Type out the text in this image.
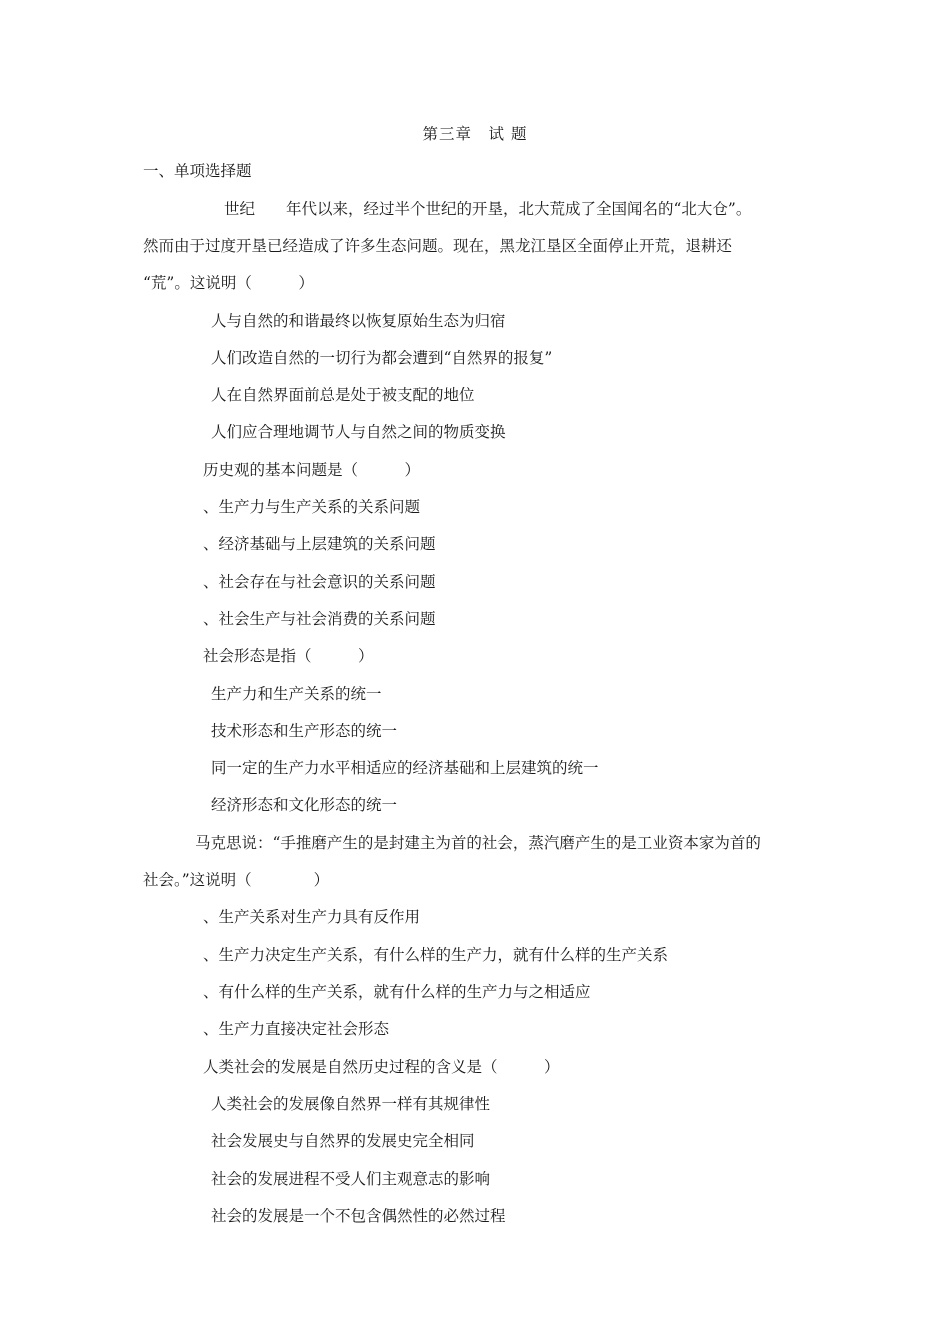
第三章　试 题
一、单项选择题
世纪　　年代以来，经过半个世纪的开垦，北大荒成了全国闻名的“北大仓”。
然而由于过度开垦已经造成了许多生态问题。现在，黑龙江垦区全面停止开荒，退耕还
“荒”。这说明（　　　）
人与自然的和谐最终以恢复原始生态为归宿
人们改造自然的一切行为都会遭到“自然界的报复”
人在自然界面前总是处于被支配的地位
人们应合理地调节人与自然之间的物质变换
历史观的基本问题是（　　　）
、生产力与生产关系的关系问题
、经济基础与上层建筑的关系问题
、社会存在与社会意识的关系问题
、社会生产与社会消费的关系问题
社会形态是指（　　　）
生产力和生产关系的统一
技术形态和生产形态的统一
同一定的生产力水平相适应的经济基础和上层建筑的统一
经济形态和文化形态的统一
马克思说：“手推磨产生的是封建主为首的社会，蒸汽磨产生的是工业资本家为首的
社会。”这说明（　　　　）
、生产关系对生产力具有反作用
、生产力决定生产关系，有什么样的生产力，就有什么样的生产关系
、有什么样的生产关系，就有什么样的生产力与之相适应
、生产力直接决定社会形态
人类社会的发展是自然历史过程的含义是（　　　）
人类社会的发展像自然界一样有其规律性
社会发展史与自然界的发展史完全相同
社会的发展进程不受人们主观意志的影响
社会的发展是一个不包含偶然性的必然过程
